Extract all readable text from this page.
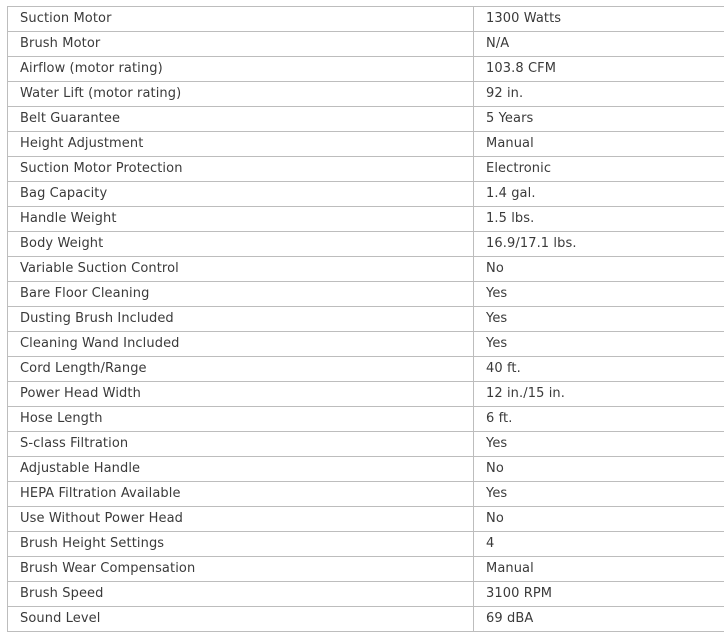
Suction Motor	1300 Watts
Brush Motor	N/A
Airflow (motor rating)	103.8 CFM
Water Lift (motor rating)	92 in.
Belt Guarantee	5 Years
Height Adjustment	Manual
Suction Motor Protection	Electronic
Bag Capacity	1.4 gal.
Handle Weight	1.5 lbs.
Body Weight	16.9/17.1 lbs.
Variable Suction Control	No
Bare Floor Cleaning	Yes
Dusting Brush Included	Yes
Cleaning Wand Included	Yes
Cord Length/Range	40 ft.
Power Head Width	12 in./15 in.
Hose Length	6 ft.
S-class Filtration	Yes
Adjustable Handle	No
HEPA Filtration Available	Yes
Use Without Power Head	No
Brush Height Settings	4
Brush Wear Compensation	Manual
Brush Speed	3100 RPM
Sound Level	69 dBA
